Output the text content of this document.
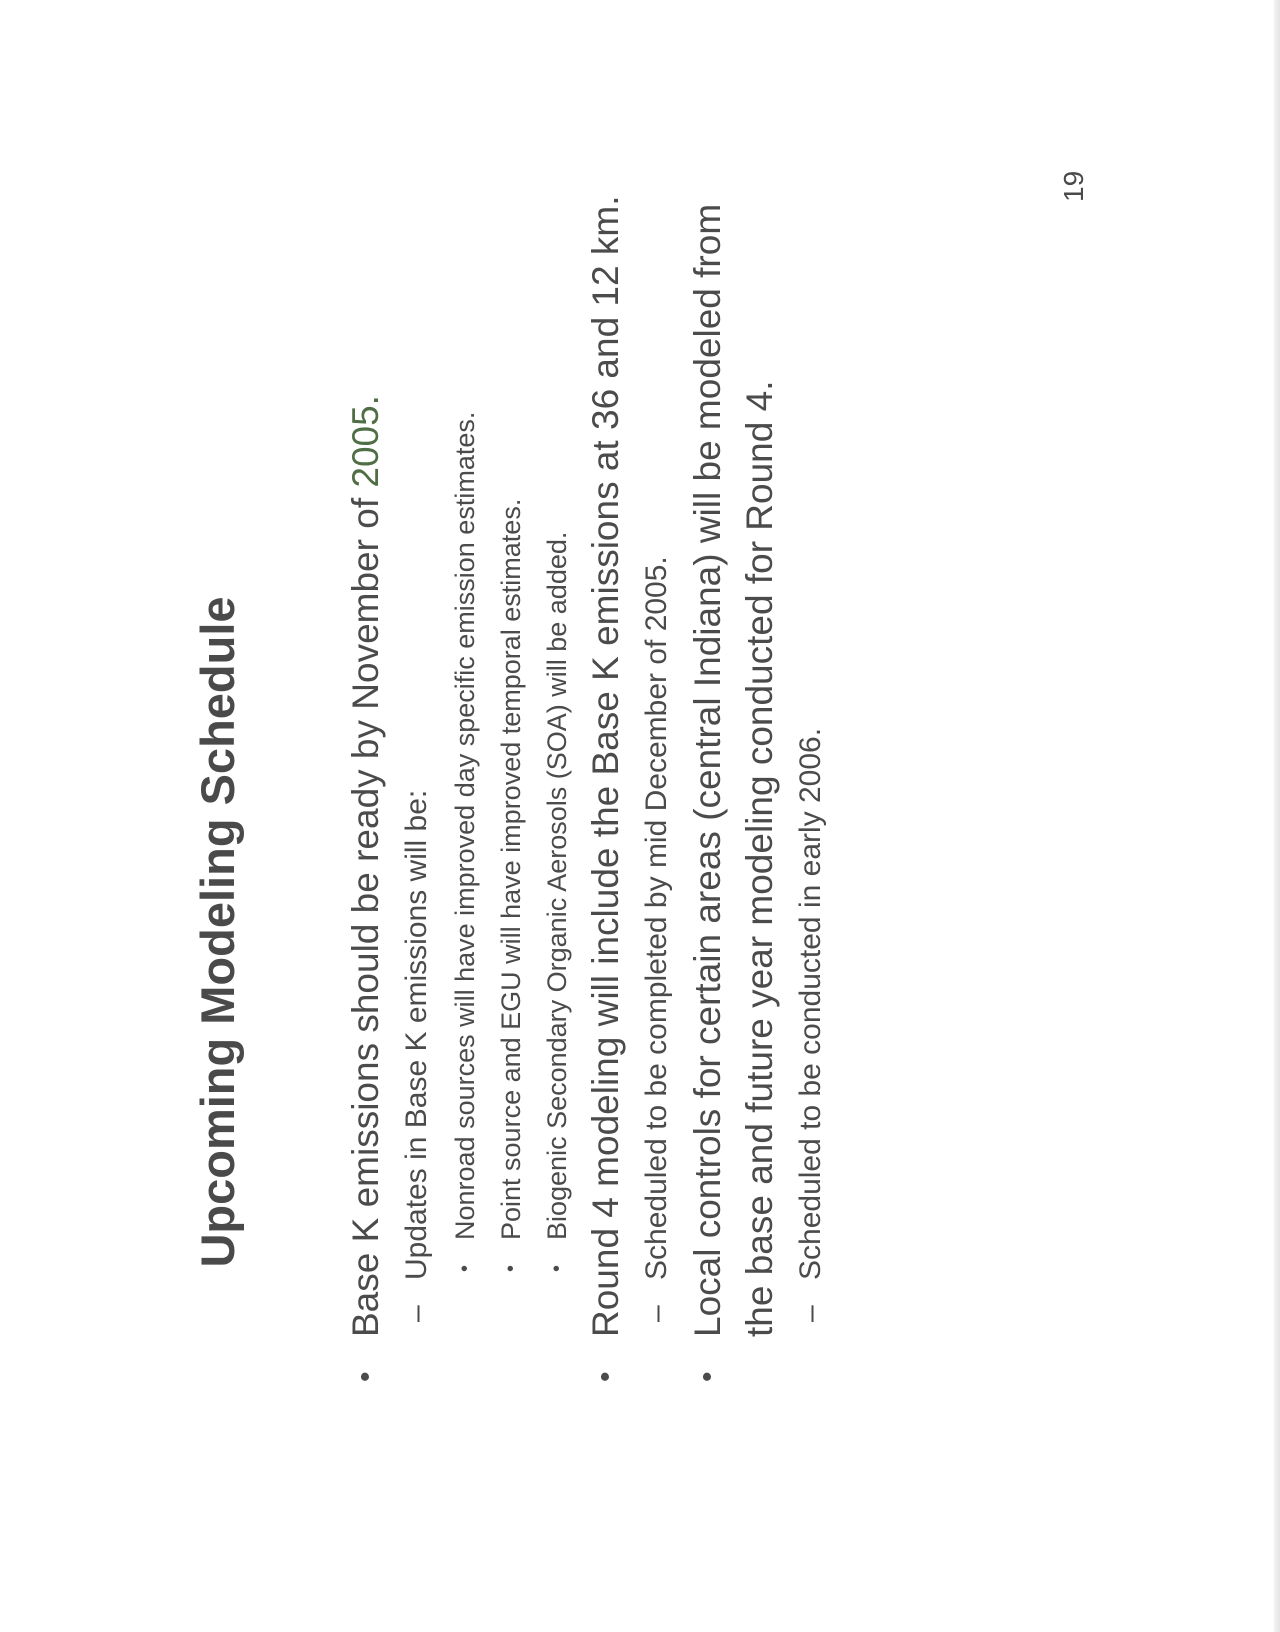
Upcoming Modeling Schedule
•
Base K emissions should be ready by November of 2005.
–
Updates in Base K emissions will be:	•
Nonroad sources will have improved day specific emission estimates.
•
Point source and EGU will have improved temporal estimates.
•
Biogenic Secondary Organic Aerosols (SOA) will be added.
•
Round 4 modeling will include the Base K emissions at 36 and 12 km. –
Scheduled to be completed by mid December of 2005.
•
Local controls for certain areas (central Indiana) will be modeled from the base and future year modeling conducted for Round 4. –
Scheduled to be conducted in early 2006.
19
